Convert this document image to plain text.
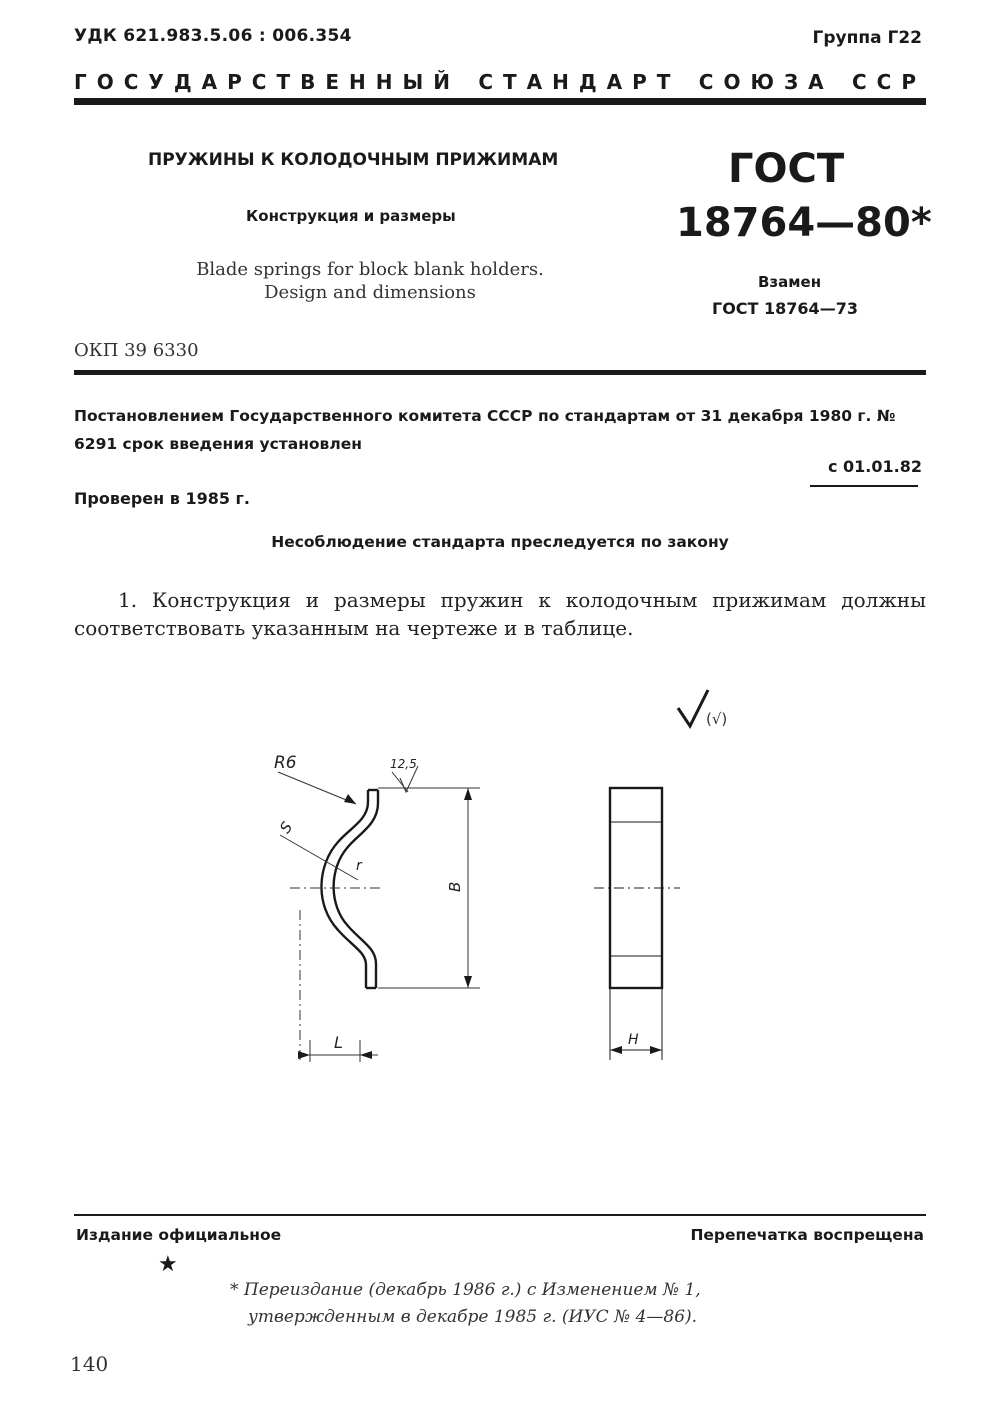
УДК 621.983.5.06 : 006.354	Группа Г22
ГОСУДАРСТВЕННЫЙ СТАНДАРТ СОЮЗА ССР
ПРУЖИНЫ К КОЛОДОЧНЫМ ПРИЖИМАМ
Конструкция и размеры
Blade springs for block blank holders.
Design and dimensions
ГОСТ
18764—80*
Взамен
ГОСТ 18764—73
ОКП 39 6330
Постановлением Государственного комитета СССР по стандартам от 31 декабря 1980 г. № 6291 срок введения установлен
с 01.01.82
Проверен в 1985 г.
Несоблюдение стандарта преследуется по закону
1. Конструкция и размеры пружин к колодочным прижимам должны соответствовать указанным на чертеже и в таблице.
(√)
R6	12,5
S
r
B
L	H
Издание официальное	Перепечатка воспрещена
★
* Переиздание (декабрь 1986 г.) с Изменением № 1,
утвержденным в декабре 1985 г. (ИУС № 4—86).
140
